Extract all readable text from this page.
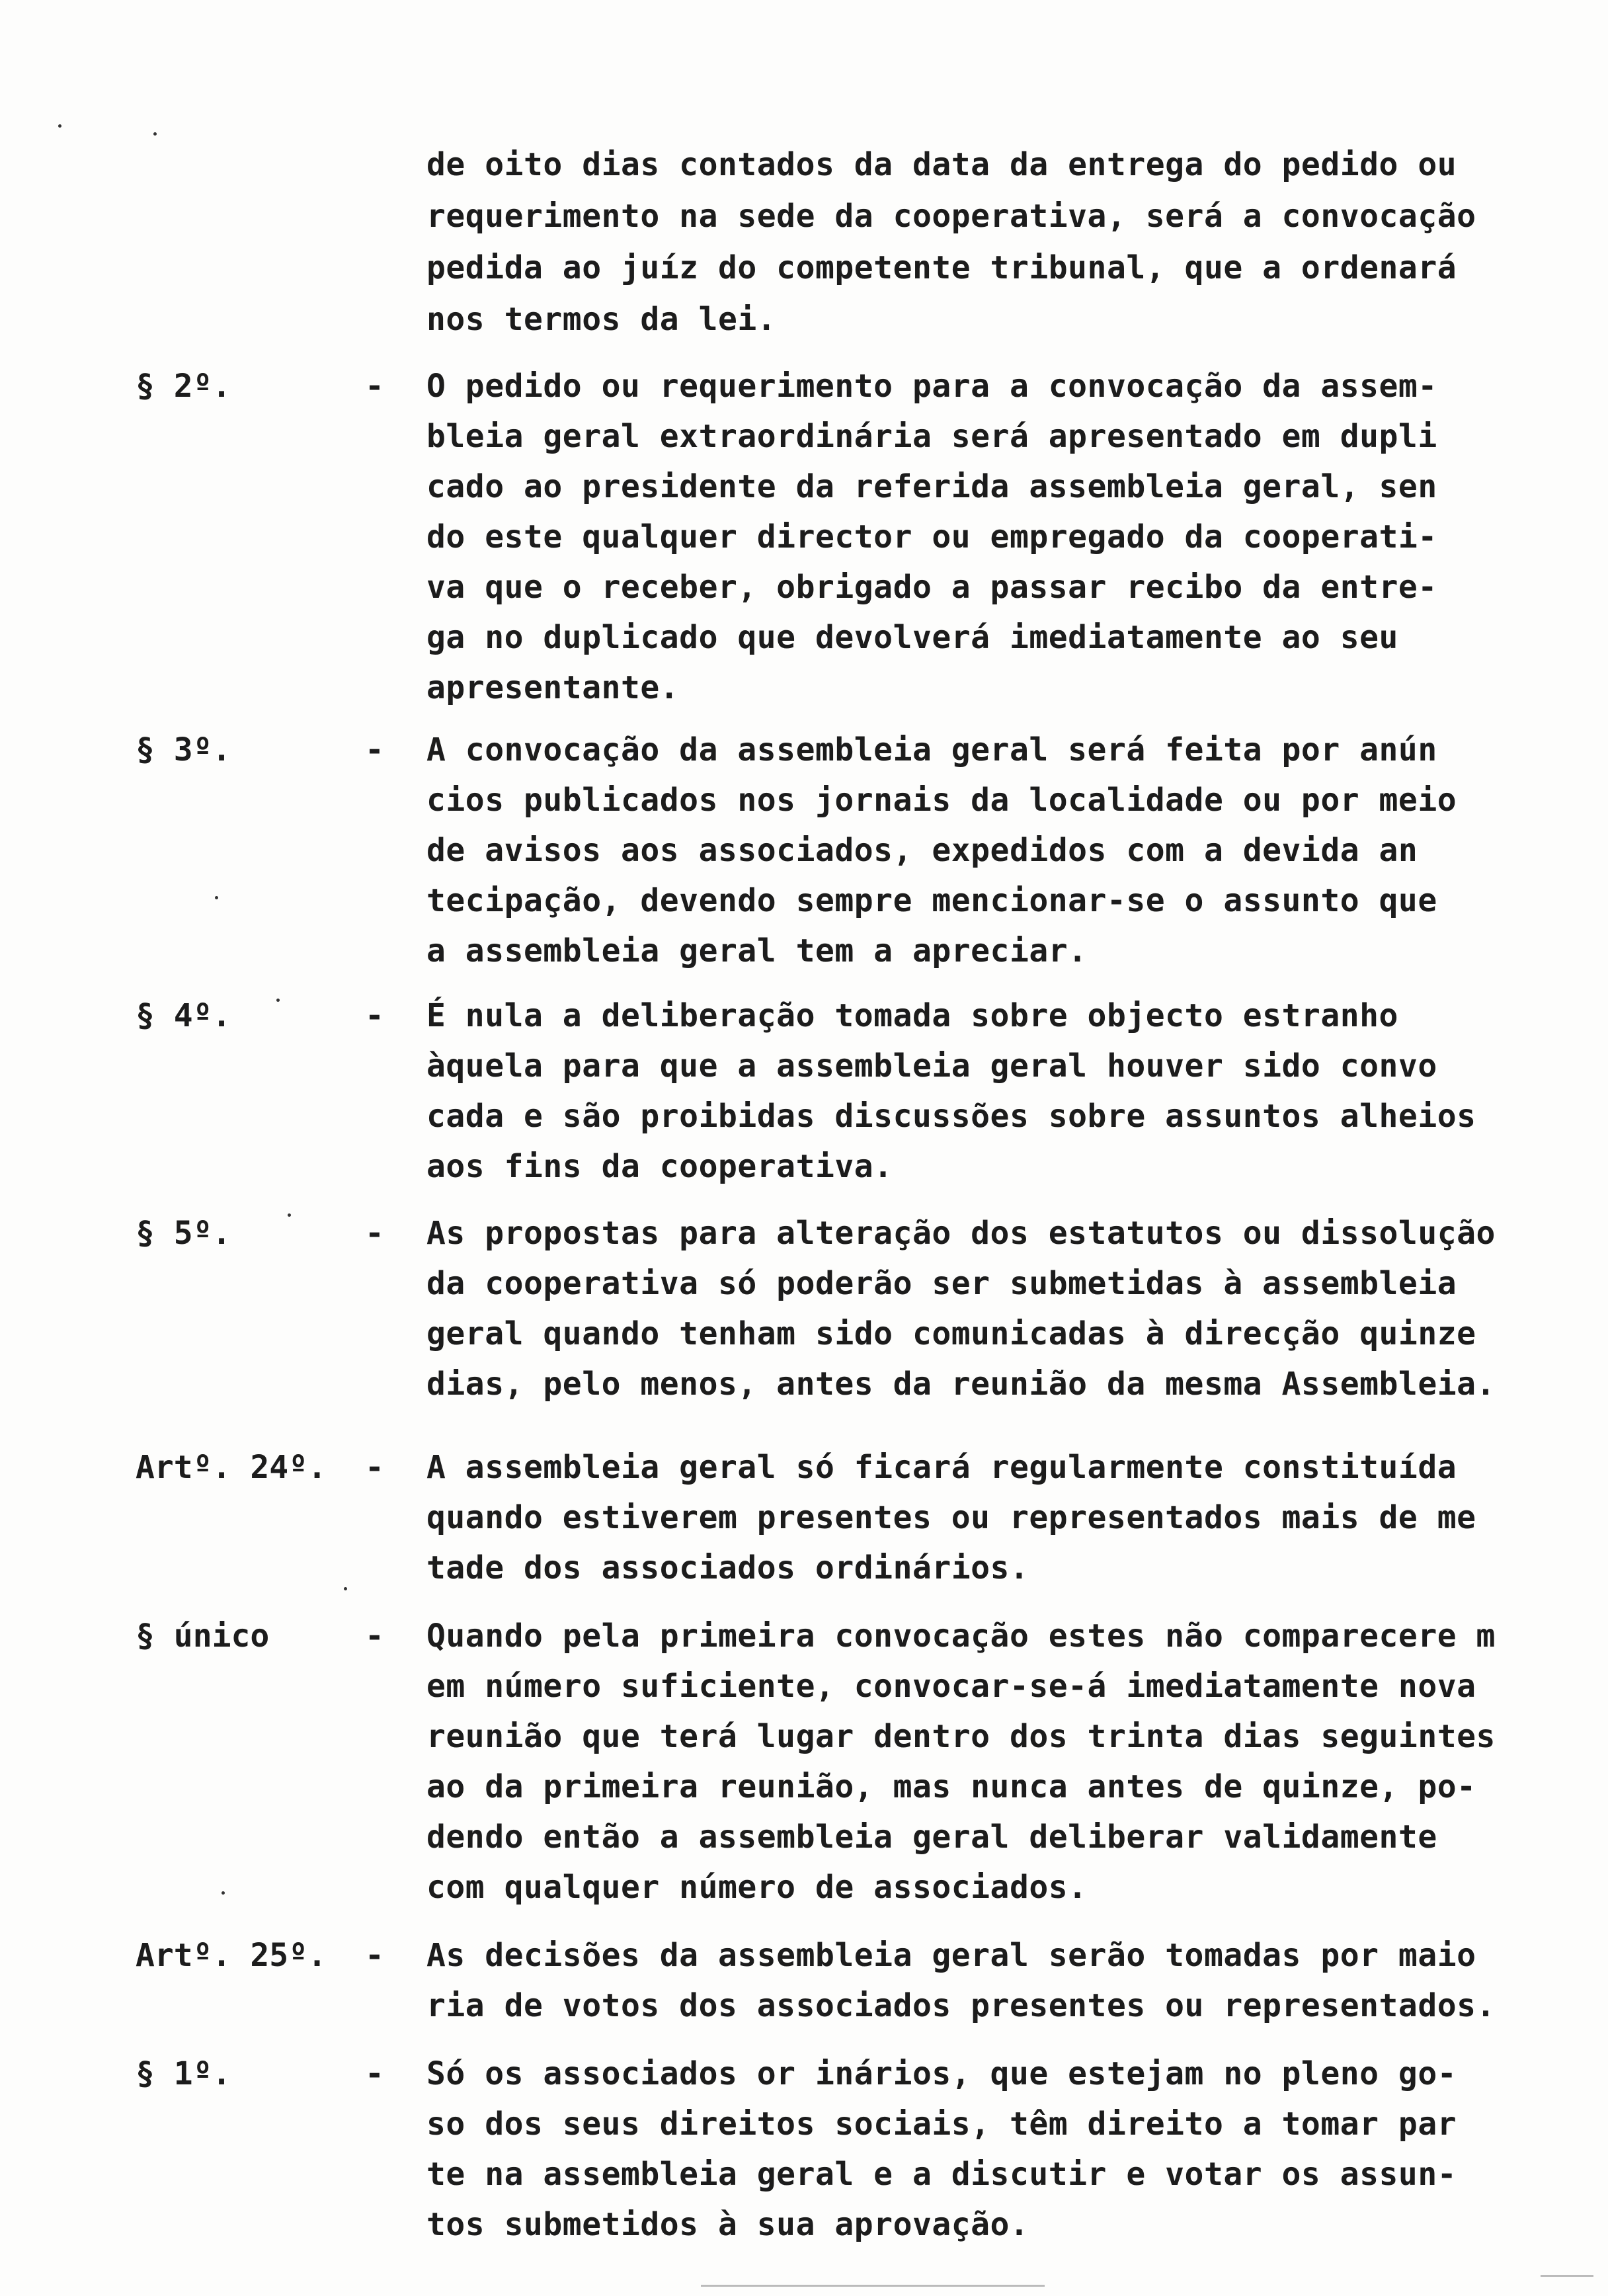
de oito dias contados da data da entrega do pedido ou
requerimento na sede da cooperativa, será a convocação
pedida ao juíz do competente tribunal, que a ordenará
nos termos da lei.
§ 2º.	- O pedido ou requerimento para a convocação da assem-
bleia geral extraordinária será apresentado em dupli
cado ao presidente da referida assembleia geral, sen
do este qualquer director ou empregado da cooperati-
va que o receber, obrigado a passar recibo da entre-
ga no duplicado que devolverá imediatamente ao seu
apresentante.
§ 3º.	- A convocação da assembleia geral será feita por anún
cios publicados nos jornais da localidade ou por meio
de avisos aos associados, expedidos com a devida an
tecipação, devendo sempre mencionar-se o assunto que
a assembleia geral tem a apreciar.
§ 4º.	- É nula a deliberação tomada sobre objecto estranho
àquela para que a assembleia geral houver sido convo
cada e são proibidas discussões sobre assuntos alheios
aos fins da cooperativa.
§ 5º.	- As propostas para alteração dos estatutos ou dissolução
da cooperativa só poderão ser submetidas à assembleia
geral quando tenham sido comunicadas à direcção quinze
dias, pelo menos, antes da reunião da mesma Assembleia.
Artº. 24º.	- A assembleia geral só ficará regularmente constituída
quando estiverem presentes ou representados mais de me
tade dos associados ordinários.
§ único	- Quando pela primeira convocação estes não comparecere m
em número suficiente, convocar-se-á imediatamente nova
reunião que terá lugar dentro dos trinta dias seguintes
ao da primeira reunião, mas nunca antes de quinze, po-
dendo então a assembleia geral deliberar validamente
com qualquer número de associados.
Artº. 25º.	- As decisões da assembleia geral serão tomadas por maio
ria de votos dos associados presentes ou representados.
§ 1º.	- Só os associados or inários, que estejam no pleno go-
so dos seus direitos sociais, têm direito a tomar par
te na assembleia geral e a discutir e votar os assun-
tos submetidos à sua aprovação.
